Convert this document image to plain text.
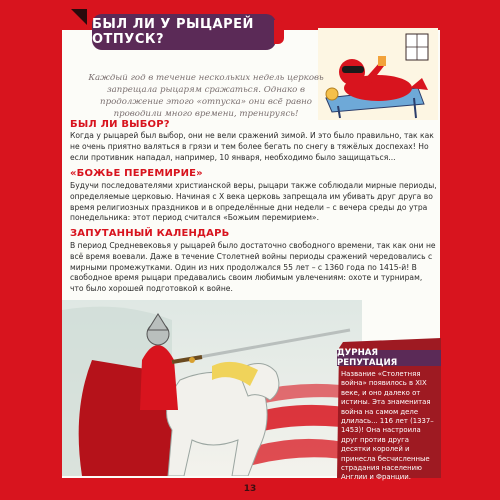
БЫЛ ЛИ У РЫЦАРЕЙ ОТПУСК?
Каждый год в течение нескольких недель церковь запрещала рыцарям сражаться. Однако в продолжение этого «отпуска» они всё равно проводили много времени, тренируясь!
БЫЛ ЛИ ВЫБОР?
Когда у рыцарей был выбор, они не вели сражений зимой. И это было правильно, так как не очень приятно валяться в грязи и тем более бегать по снегу в тяжёлых доспехах! Но если противник нападал, например, 10 января, необходимо было защищаться...
«БОЖЬЕ ПЕРЕМИРИЕ»
Будучи последователями христианской веры, рыцари также соблюдали мирные периоды, определяемые церковью. Начиная с X века церковь запрещала им убивать друг друга во время религиозных праздников и в определённые дни недели – с вечера среды до утра понедельника: этот период считался «Божьим перемирием».
ЗАПУТАННЫЙ КАЛЕНДАРЬ
В период Средневековья у рыцарей было достаточно свободного времени, так как они не всё время воевали. Даже в течение Столетней войны периоды сражений чередовались с мирными промежутками. Один из них продолжался 55 лет – с 1360 года по 1415-й! В свободное время рыцари предавались своим любимым увлечениям: охоте и турнирам, что было хорошей подготовкой к войне.
ДУРНАЯ РЕПУТАЦИЯ
Название «Столетняя война» появилось в XIX веке, и оно далеко от истины. Эта знаменитая война на самом деле длилась... 116 лет (1337–1453)! Она настроила друг против друга десятки королей и принесла бесчисленные страдания населению Англии и Франции.
13
